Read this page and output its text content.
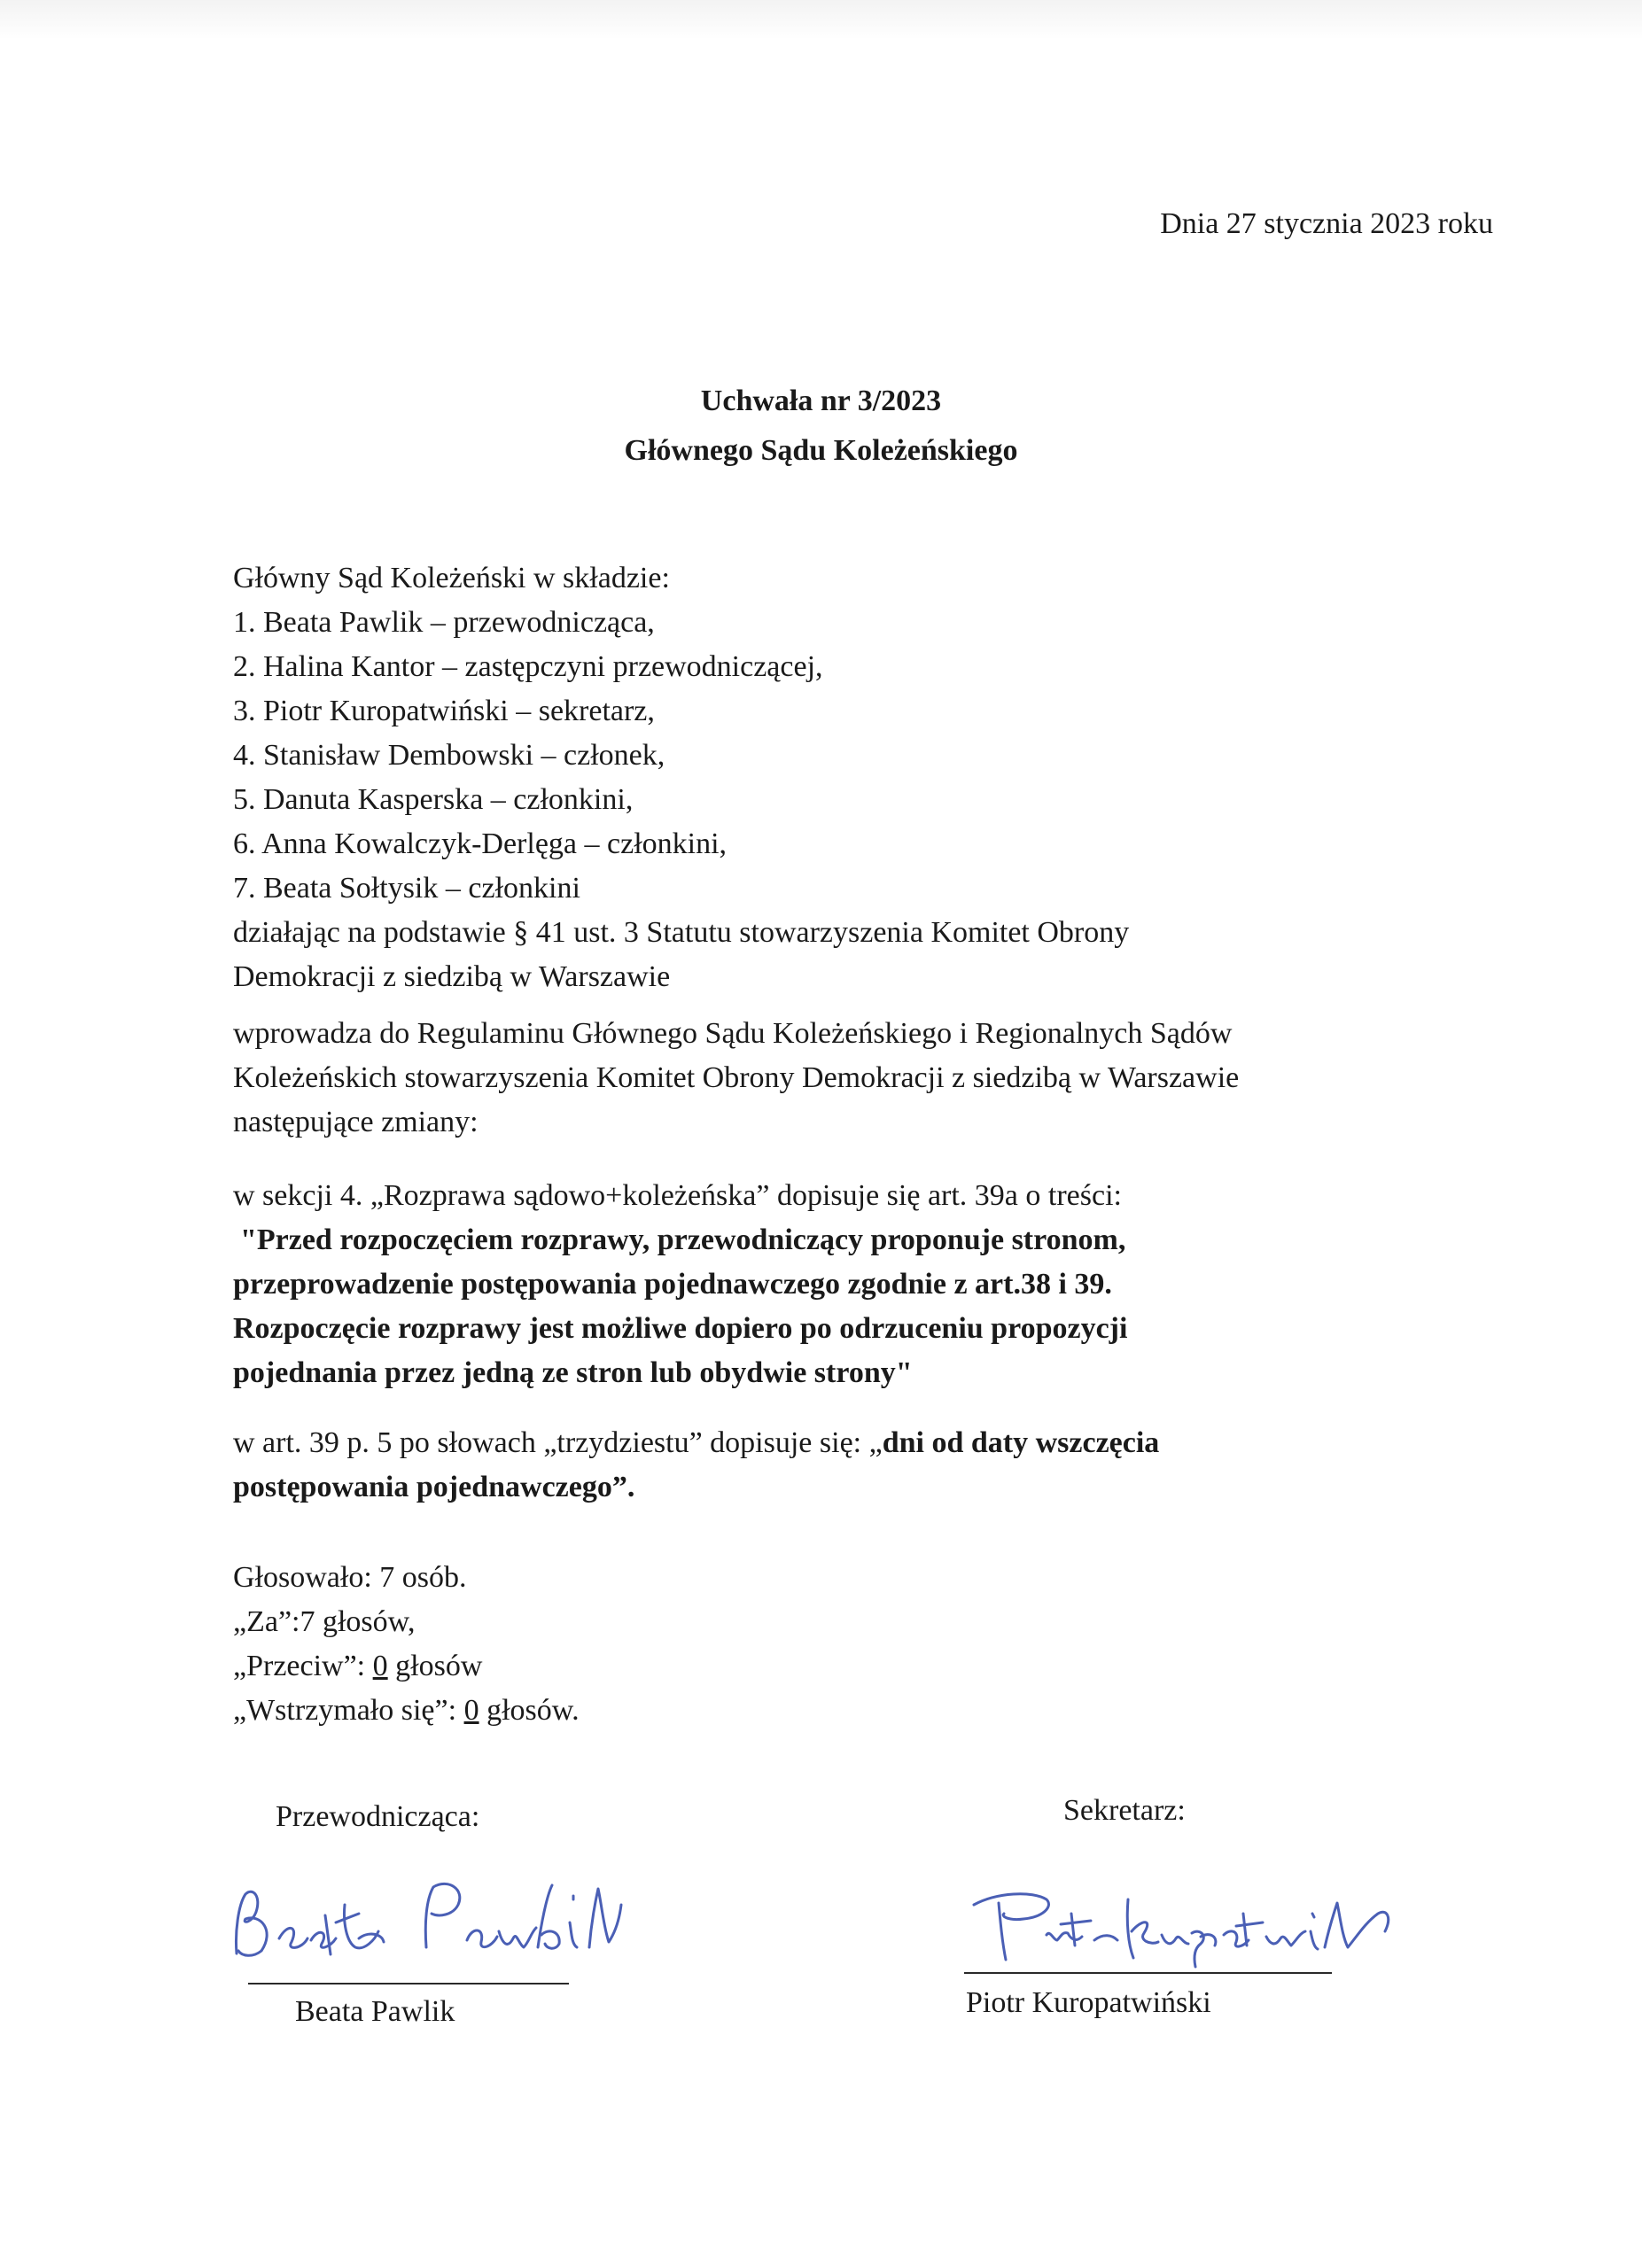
Dnia 27 stycznia 2023 roku
Uchwała nr 3/2023
Głównego Sądu Koleżeńskiego

Główny Sąd Koleżeński w składzie:

1. Beata Pawlik – przewodnicząca,

2. Halina Kantor – zastępczyni przewodniczącej,

3. Piotr Kuropatwiński – sekretarz,

4. Stanisław Dembowski – członek,

5. Danuta Kasperska – członkini,

6. Anna Kowalczyk-Derlęga – członkini,

7. Beata Sołtysik – członkini

działając na podstawie § 41 ust. 3 Statutu stowarzyszenia Komitet Obrony

Demokracji z siedzibą w Warszawie

wprowadza do Regulaminu Głównego Sądu Koleżeńskiego i Regionalnych Sądów

Koleżeńskich stowarzyszenia Komitet Obrony Demokracji z siedzibą w Warszawie

następujące zmiany:

w sekcji 4. „Rozprawa sądowo+koleżeńska” dopisuje się art. 39a o treści:

"Przed rozpoczęciem rozprawy, przewodniczący proponuje stronom,

przeprowadzenie postępowania pojednawczego zgodnie z art.38 i 39.

Rozpoczęcie rozprawy jest możliwe dopiero po odrzuceniu propozycji

pojednania przez jedną ze stron lub obydwie strony"

w art. 39 p. 5 po słowach „trzydziestu” dopisuje się: „dni od daty wszczęcia

postępowania pojednawczego”.

Głosowało: 7 osób.

„Za”:7 głosów,

„Przeciw”: 0 głosów

„Wstrzymało się”: 0 głosów.

Przewodnicząca:	Sekretarz:
Beata Pawlik	Piotr Kuropatwiński
